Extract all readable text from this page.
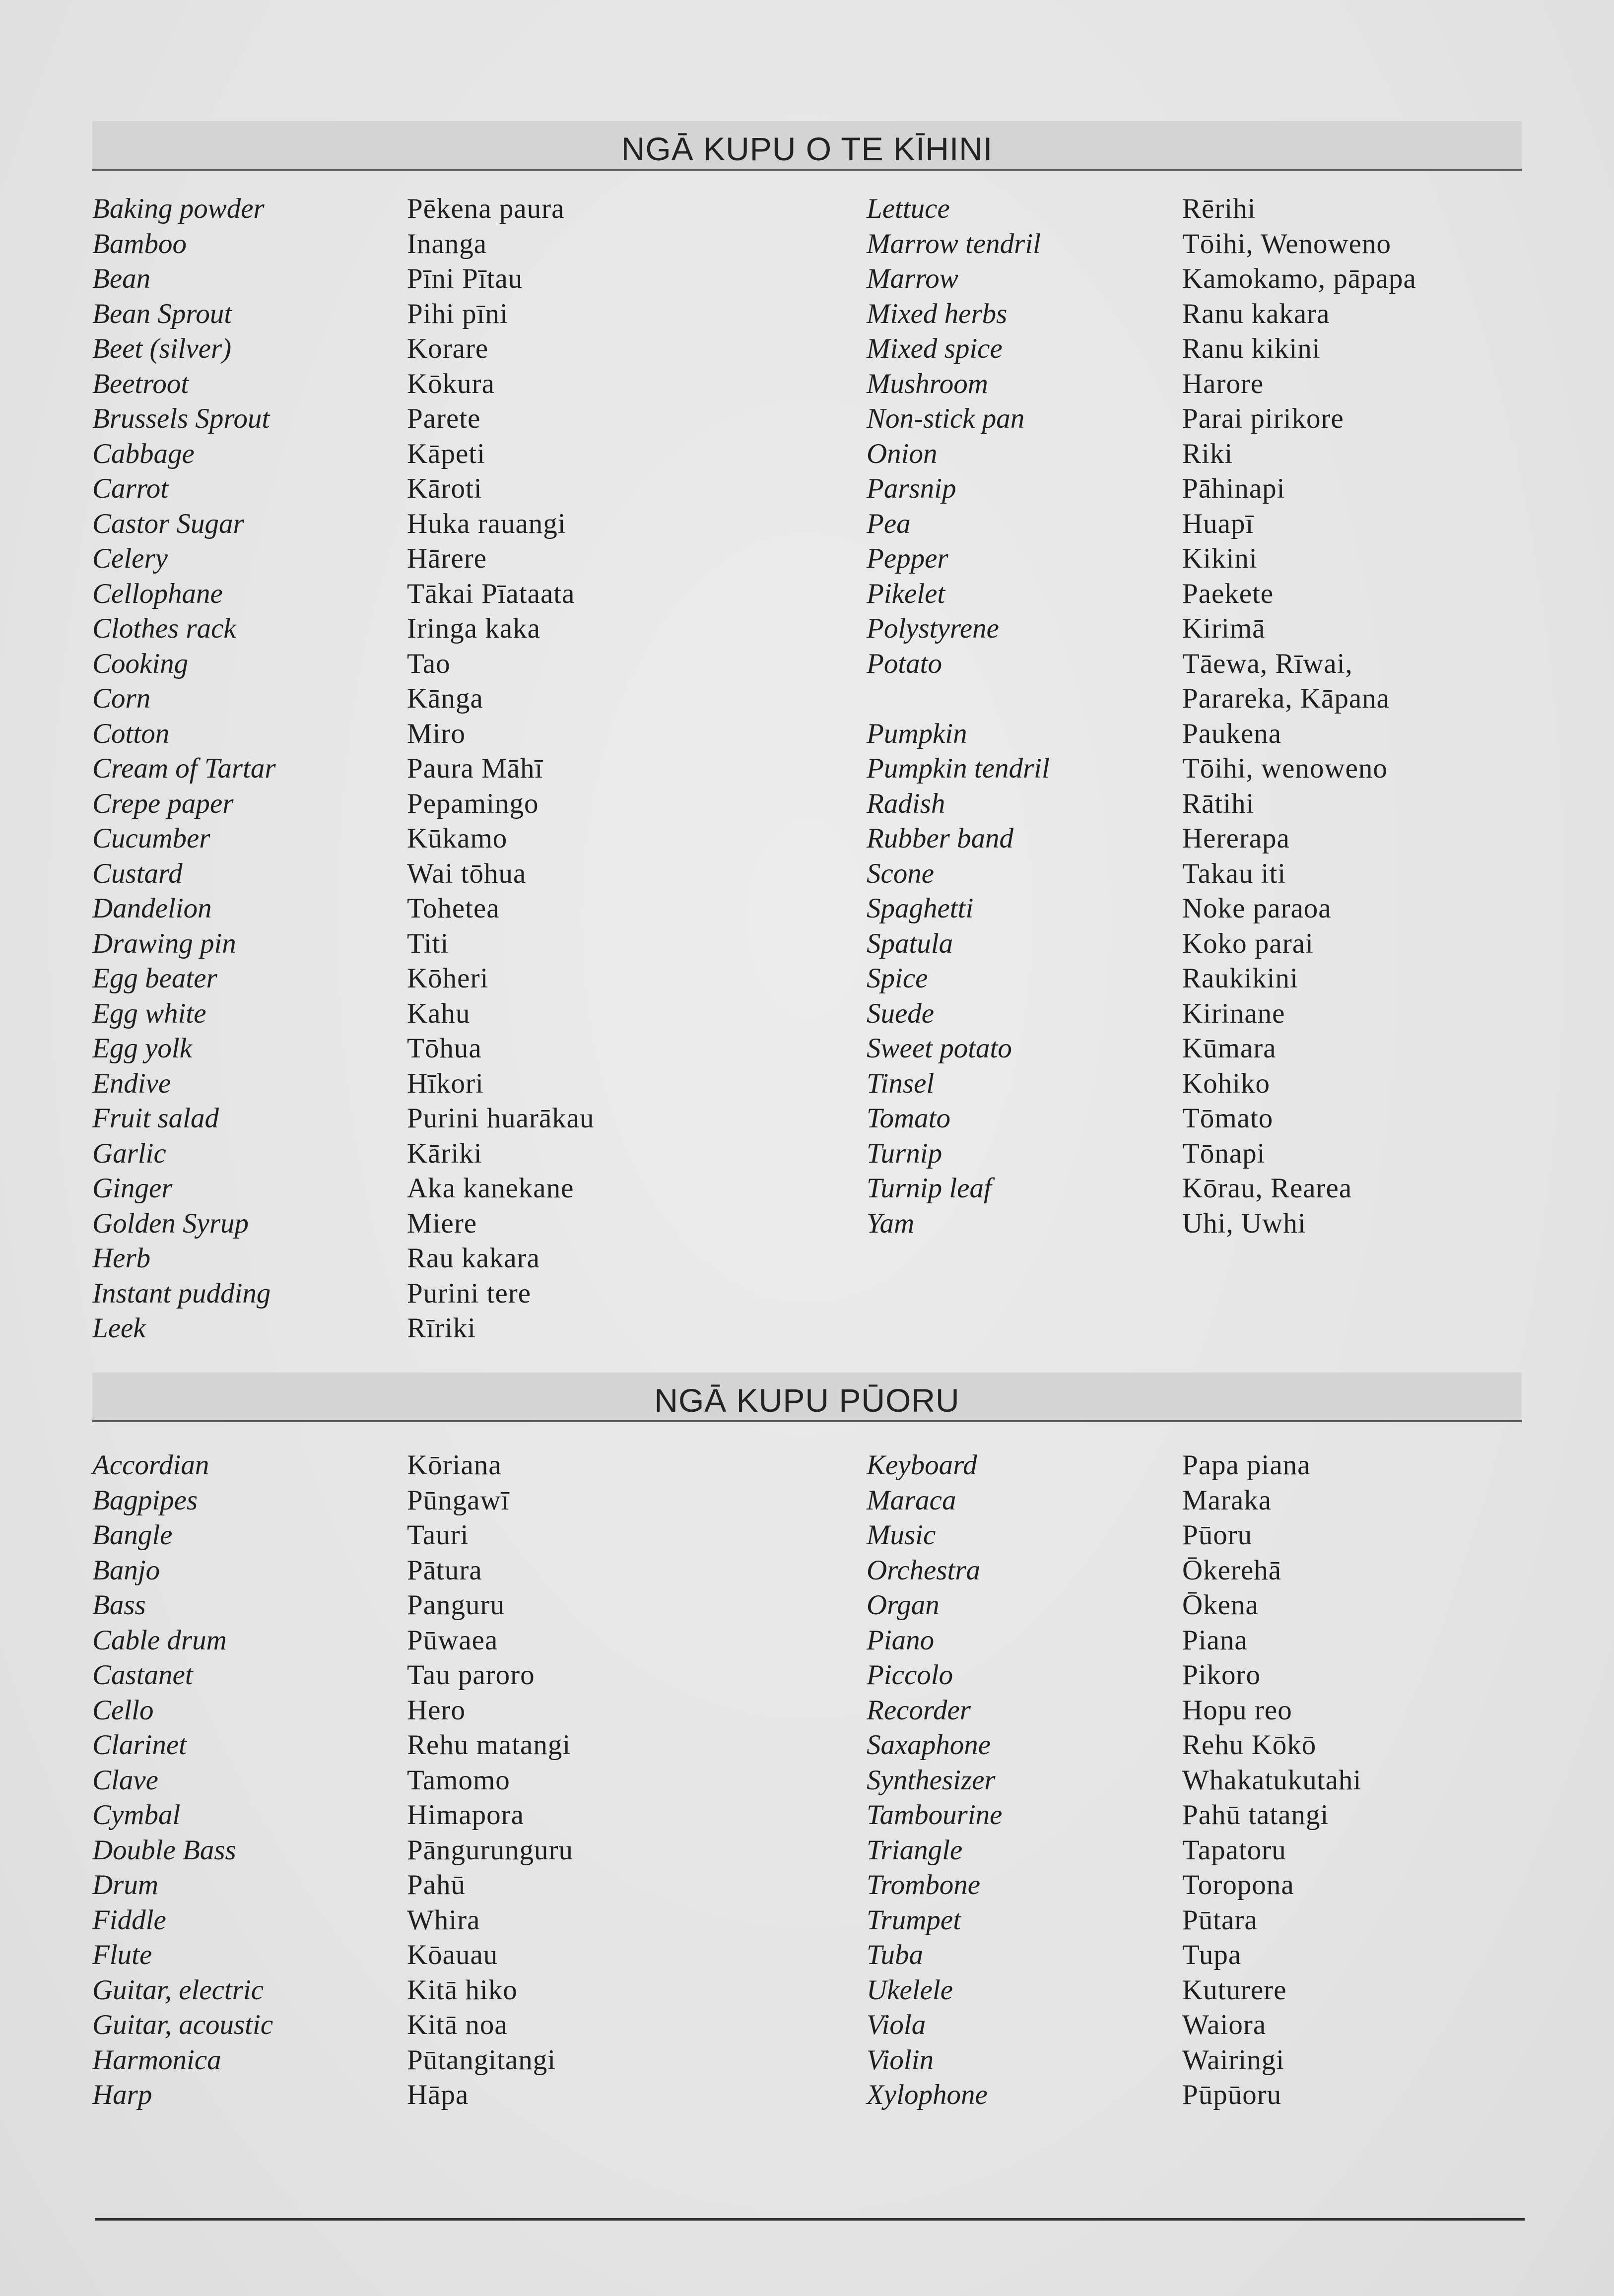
NGĀ KUPU O TE KĪHINI
Baking powder
Bamboo
Bean
Bean Sprout
Beet (silver)
Beetroot
Brussels Sprout
Cabbage
Carrot
Castor Sugar
Celery
Cellophane
Clothes rack
Cooking
Corn
Cotton
Cream of Tartar
Crepe paper
Cucumber
Custard
Dandelion
Drawing pin
Egg beater
Egg white
Egg yolk
Endive
Fruit salad
Garlic
Ginger
Golden Syrup
Herb
Instant pudding
Leek
Pēkena paura
Inanga
Pīni Pītau
Pihi pīni
Korare
Kōkura
Parete
Kāpeti
Kāroti
Huka rauangi
Hārere
Tākai Pīataata
Iringa kaka
Tao
Kānga
Miro
Paura Māhī
Pepamingo
Kūkamo
Wai tōhua
Tohetea
Titi
Kōheri
Kahu
Tōhua
Hīkori
Purini huarākau
Kāriki
Aka kanekane
Miere
Rau kakara
Purini tere
Rīriki
Lettuce
Marrow tendril
Marrow
Mixed herbs
Mixed spice
Mushroom
Non-stick pan
Onion
Parsnip
Pea
Pepper
Pikelet
Polystyrene
Potato
Pumpkin
Pumpkin tendril
Radish
Rubber band
Scone
Spaghetti
Spatula
Spice
Suede
Sweet potato
Tinsel
Tomato
Turnip
Turnip leaf
Yam
Rērihi
Tōihi, Wenoweno
Kamokamo, pāpapa
Ranu kakara
Ranu kikini
Harore
Parai pirikore
Riki
Pāhinapi
Huapī
Kikini
Paekete
Kirimā
Tāewa, Rīwai,
Parareka, Kāpana
Paukena
Tōihi, wenoweno
Rātihi
Hererapa
Takau iti
Noke paraoa
Koko parai
Raukikini
Kirinane
Kūmara
Kohiko
Tōmato
Tōnapi
Kōrau, Rearea
Uhi, Uwhi
NGĀ KUPU PŪORU
Accordian
Bagpipes
Bangle
Banjo
Bass
Cable drum
Castanet
Cello
Clarinet
Clave
Cymbal
Double Bass
Drum
Fiddle
Flute
Guitar, electric
Guitar, acoustic
Harmonica
Harp
Kōriana
Pūngawī
Tauri
Pātura
Panguru
Pūwaea
Tau paroro
Hero
Rehu matangi
Tamomo
Himapora
Pāngurunguru
Pahū
Whira
Kōauau
Kitā hiko
Kitā noa
Pūtangitangi
Hāpa
Keyboard
Maraca
Music
Orchestra
Organ
Piano
Piccolo
Recorder
Saxaphone
Synthesizer
Tambourine
Triangle
Trombone
Trumpet
Tuba
Ukelele
Viola
Violin
Xylophone
Papa piana
Maraka
Pūoru
Ōkerehā
Ōkena
Piana
Pikoro
Hopu reo
Rehu Kōkō
Whakatukutahi
Pahū tatangi
Tapatoru
Toropona
Pūtara
Tupa
Kuturere
Waiora
Wairingi
Pūpūoru
